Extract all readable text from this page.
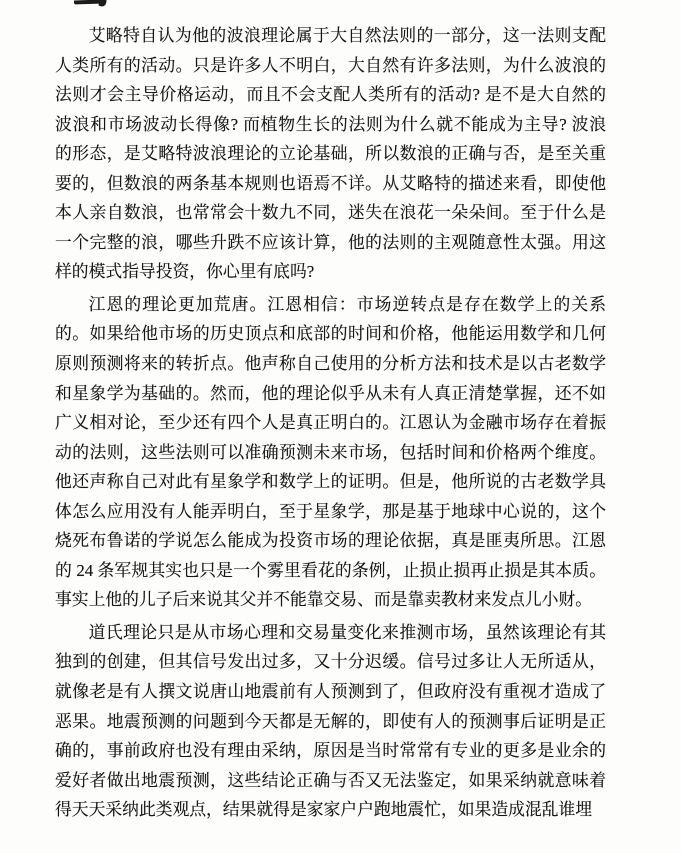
艾略特自认为他的波浪理论属于大自然法则的一部分，这一法则支配
人类所有的活动。只是许多人不明白，大自然有许多法则，为什么波浪的
法则才会主导价格运动，而且不会支配人类所有的活动? 是不是大自然的
波浪和市场波动长得像? 而植物生长的法则为什么就不能成为主导? 波浪
的形态，是艾略特波浪理论的立论基础，所以数浪的正确与否，是至关重
要的，但数浪的两条基本规则也语焉不详。从艾略特的描述来看，即使他
本人亲自数浪，也常常会十数九不同，迷失在浪花一朵朵间。至于什么是
一个完整的浪，哪些升跌不应该计算，他的法则的主观随意性太强。用这
样的模式指导投资，你心里有底吗?

江恩的理论更加荒唐。江恩相信：市场逆转点是存在数学上的关系
的。如果给他市场的历史顶点和底部的时间和价格，他能运用数学和几何
原则预测将来的转折点。他声称自己使用的分析方法和技术是以古老数学
和星象学为基础的。然而，他的理论似乎从未有人真正清楚掌握，还不如
广义相对论，至少还有四个人是真正明白的。江恩认为金融市场存在着振
动的法则，这些法则可以准确预测未来市场，包括时间和价格两个维度。
他还声称自己对此有星象学和数学上的证明。但是，他所说的古老数学具
体怎么应用没有人能弄明白，至于星象学，那是基于地球中心说的，这个
烧死布鲁诺的学说怎么能成为投资市场的理论依据，真是匪夷所思。江恩
的 24 条军规其实也只是一个雾里看花的条例，止损止损再止损是其本质。
事实上他的儿子后来说其父并不能靠交易、而是靠卖教材来发点儿小财。

道氏理论只是从市场心理和交易量变化来推测市场，虽然该理论有其
独到的创建，但其信号发出过多，又十分迟缓。信号过多让人无所适从，
就像老是有人撰文说唐山地震前有人预测到了，但政府没有重视才造成了
恶果。地震预测的问题到今天都是无解的，即使有人的预测事后证明是正
确的，事前政府也没有理由采纳，原因是当时常常有专业的更多是业余的
爱好者做出地震预测，这些结论正确与否又无法鉴定，如果采纳就意味着
得天天采纳此类观点，结果就得是家家户户跑地震忙，如果造成混乱谁埋
